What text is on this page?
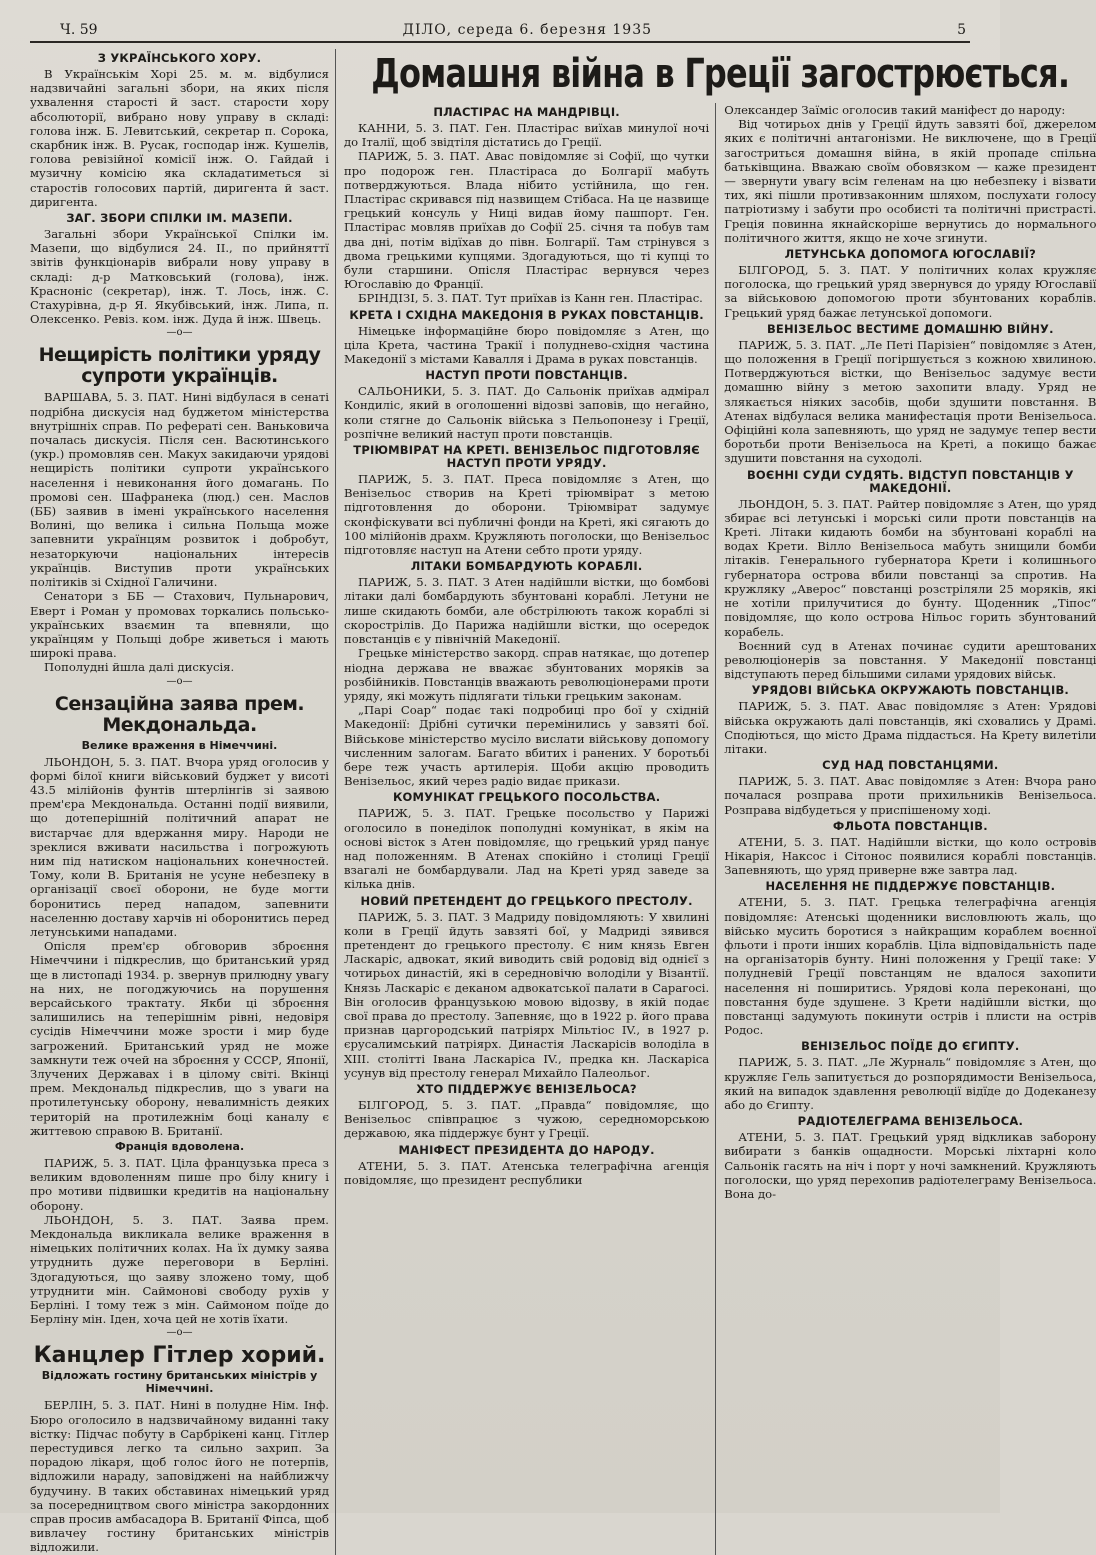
Ч. 59	ДІЛО, середа 6. березня 1935	5
З УКРАЇНСЬКОГО ХОРУ.

В Українськім Хорі 25. м. м. відбулися надзвичайні загальні збори, на яких після ухвалення старості й заст. старости хору абсолюторії, вибрано нову управу в складі: голова інж. Б. Левитський, секретар п. Сорока, скарбник інж. В. Русак, господар інж. Кушелів, голова ревізійної комісії інж. О. Гайдай і музичну комісію яка складатиметься зі старостів голосових партій, диригента й заст. диригента.

ЗАГ. ЗБОРИ СПІЛКИ ІМ. МАЗЕПИ.

Загальні збори Української Спілки ім. Мазепи, що відбулися 24. II., по прийняттї звітів функціонарів вибрали нову управу в складі: д-р Матковський (голова), інж. Красноніс (секретар), інж. Т. Лось, інж. С. Стахурівна, д-р Я. Якубівський, інж. Липа, п. Олексенко. Ревіз. ком. інж. Дуда й інж. Швець.

—о—
Нещирість політики уряду супроти українців.

ВАРШАВА, 5. 3. ПАТ. Нині відбулася в сенаті подрібна дискусія над буджетом міністерства внутрішніх справ. По рефераті сен. Ваньковича почалась дискусія. Після сен. Васютинського (укр.) промовляв сен. Макух закидаючи урядові нещирість політики супроти українського населення і невиконання його домагань. По промові сен. Шафранека (люд.) сен. Маслов (ББ) заявив в імені українського населення Волині, що велика і сильна Польща може запевнити українцям розвиток і добробут, незаторкуючи національних інтересів українців. Виступив проти українських політиків зі Східної Галичини.

Сенатори з ББ — Стахович, Пульнарович, Еверт і Роман у промовах торкались польсько-українських взаємин та впевняли, що українцям у Польщі добре живеться і мають широкі права.

Пополудні йшла далі дискусія.

—о—
Сензаційна заява прем. Мекдональда.
Велике враження в Німеччині.

ЛЬОНДОН, 5. 3. ПАТ. Вчора уряд оголосив у формі білої книги військовий буджет у висоті 43.5 мілійонів фунтів штерлінгів зі заявою прем'єра Мекдональда. Останні події виявили, що дотеперішній політичний апарат не вистарчає для вдержання миру. Народи не зреклися вживати насильства і погрожують ним під натиском національних конечностей. Тому, коли В. Британія не усуне небезпеку в організації своєї оборони, не буде могти боронитись перед нападом, запевнити населенню доставу харчів ні обоpонитись перед летунськими нападами.

Опісля прем'єр обговорив зброєння Німеччини і підкреслив, що британський уряд ще в листопаді 1934. р. звернув прилюдну увагу на них, не погоджуючись на порушення версайського трактату. Якби ці зброєння залишились на теперішнім рівні, недовіря сусідів Німеччини може зрости і мир буде загрожений. Британський уряд не може замкнути теж очей на зброєння у СССР, Японії, Злучених Державах і в цілому світі. Вкінці прем. Мекдональд підкреслив, що з уваги на протилетунську оборону, невалимність деяких територій на протилежнім боці каналу є життевою справою В. Британії.

Франція вдоволена.

ПАРИЖ, 5. 3. ПАТ. Ціла французька преса з великим вдоволенням пише про білу книгу і про мотиви підвишки кредитів на національну оборону.

ЛЬОНДОН, 5. 3. ПАТ. Заява прем. Мекдональда викликала велике враження в німецьких політичних колах. На їх думку заява утруднить дуже переговори в Берліні. Здогадуються, що заяву зложено тому, щоб утруднити мін. Саймонові свободу рухів у Берліні. І тому теж з мін. Саймоном поїде до Берліну мін. Іден, хоча цей не хотів їхати.

—о—
Канцлер Гітлер хорий.
Відложать гостину британських міністрів у Німеччині.

БЕРЛІН, 5. 3. ПАТ. Нині в полудне Нім. Інф. Бюро оголосило в надзвичайному виданні таку вістку: Підчас побуту в Сарбрікені канц. Гітлер перестудився легко та сильно захрип. За порадою лікаря, щоб голос його не потерпів, відложили нараду, заповіджені на найближчу будучину. В таких обставинах німецький уряд за посередництвом свого міністра закордонних справ просив амбасадора В. Британії Фіпса, щоб вивлачеу гостину британських міністрів відложили.

Домашня війна в Греції загострюється.
ПЛАСТІРАС НА МАНДРІВЦІ.

КАННИ, 5. 3. ПАТ. Ген. Пластірас виїхав минулої ночі до Італії, щоб звідтіля дістатись до Греції.

ПАРИЖ, 5. 3. ПАТ. Авас повідомляє зі Софії, що чутки про подорож ген. Пластіраса до Болгарії мабуть потверджуються. Влада нібито устійнила, що ген. Пластірас скривався під назвищем Стібаса. На це назвище грецький консуль у Ниці видав йому пашпорт. Ген. Пластірас мовляв приїхав до Софії 25. січня та побув там два дні, потім відїхав до півн. Болгарії. Там стрінувся з двома грецькими купцями. Здогадуються, що ті купці то були старшини. Опісля Пластірас вернувся через Югославію до Франції.

БРІНДІЗІ, 5. 3. ПАТ. Тут приїхав із Канн ген. Пластірас.

КРЕТА І СХІДНА МАКЕДОНІЯ В РУКАХ ПОВСТАНЦІВ.

Німецьке інформаційне бюро повідомляє з Атен, що ціла Крета, частина Тракії і полудневo-східня частина Македонії з містами Кавалля і Драма в руках повстанців.

НАСТУП ПРОТИ ПОВСТАНЦІВ.

САЛЬОНИКИ, 5. 3. ПАТ. До Сальонік приїхав адмірал Кондиліс, який в оголошенні відозві заповів, що негайно, коли стягне до Сальонік війська з Пельопонезу і Греції, розпічне великий наступ проти повстанців.

ТРІЮМВІРАТ НА КРЕТІ. ВЕНІЗЕЛЬОС ПІДГОТОВЛЯЄ НАСТУП ПРОТИ УРЯДУ.

ПАРИЖ, 5. 3. ПАТ. Преса повідомляє з Атен, що Венізельос створив на Креті тріюмвірат з метою підготовлення до оборони. Тріюмвірат задумує сконфіскувати всі публичні фонди на Креті, які сягають до 100 мілійонів драхм. Кружляють поголоски, що Венізельос підготовляє наступ на Атени себто проти уряду.

ЛІТАКИ БОМБАРДУЮТЬ КОРАБЛІ.

ПАРИЖ, 5. 3. ПАТ. З Атен надійшли вістки, що бомбові літаки далі бомбардують збунтовані кораблі. Летуни не лише скидають бомби, але обстрілюють також кораблі зі скорострілів. До Парижа надійшли вістки, що осередок повстанців є у північній Македонії.

Грецьке міністерство закорд. справ натякає, що дотепер ніодна держава не вважає збунтованих моряків за розбійників. Повстанців вважають революціонерами проти уряду, які можуть підлягати тільки грецьким законам.

„Парі Соар“ подає такі подробиці про бої у східній Македонії: Дрібні сутички перемінились у завзяті бої. Військове міністерство мусіло вислати військову допомогу численним залогам. Багато вбитих і ранених. У боротьбі бере теж участь артилерія. Щоби акцію проводить Венізельос, який через радіо видає прикази.

КОМУНІКАТ ГРЕЦЬКОГО ПОСОЛЬСТВА.

ПАРИЖ, 5. 3. ПАТ. Грецьке посольство у Парижі оголосило в понеділок пополудні комунікат, в якім на основі вісток з Атен повідомляє, що грецький уряд панує над положенням. В Атенах спокійно і столиці Греції взагалі не бомбардували. Лад на Креті уряд заведе за кілька днів.

НОВИЙ ПРЕТЕНДЕНТ ДО ГРЕЦЬКОГО ПРЕСТОЛУ.

ПАРИЖ, 5. 3. ПАТ. З Мадриду повідомляють: У хвилині коли в Греції йдуть завзяті бої, у Мадриді зявився претендент до грецького престолу. Є ним князь Евген Ласкаріс, адвокат, який виводить свій родовід від однієї з чотирьох династій, які в середновічю володіли у Візантії. Князь Ласкаріс є деканом адвокатської палати в Сарагосі. Він оголосив французькою мовою відозву, в якій подає свої права до престолу. Запевняє, що в 1922 р. його права признав царгородський патріярх Мільтіос IV., в 1927 р. єрусалимський патріярх. Династія Ласкарісів володіла в XIII. столітті Івана Ласкаріса IV., предка кн. Ласкаріса усунув від престолу генерал Михайло Палеольог.

ХТО ПІДДЕРЖУЄ ВЕНІЗЕЛЬОСА?

БІЛГОРОД, 5. 3. ПАТ. „Правда“ повідомляє, що Венізельос співпрацює з чужою, середноморською державою, яка піддержує бунт у Греції.

МАНІФЕСТ ПРЕЗИДЕНТА ДО НАРОДУ.

АТЕНИ, 5. 3. ПАТ. Атенська телеграфічна агенція повідомляє, що президент республики

Олександер Заїміс оголосив такий маніфест до народу:

Від чотирьох днів у Греції йдуть завзяті бої, джерелом яких є політичні антагонізми. Не виключене, що в Греції загостриться домашня війна, в якій пропаде спільна батьківщина. Вважаю своїм обовязком — каже президент — звернути увагу всім геленам на цю небезпеку і візвати тих, які пішли противзаконним шляхом, послухати голосу патріотизму і забути про особисті та політичні пристрасті. Греція повинна якнайскоріше вернутись до нормального політичного життя, якщо не хоче згинути.

ЛЕТУНСЬКА ДОПОМОГА ЮГОСЛАВІЇ?

БІЛГОРОД, 5. 3. ПАТ. У політичних колах кружляє поголоска, що грецький уряд звернувся до уряду Югославії за військовою допомогою проти збунтованих кораблів. Грецький уряд бажає летунської допомоги.

ВЕНІЗЕЛЬОС ВЕСТИМЕ ДОМАШНЮ ВІЙНУ.

ПАРИЖ, 5. 3. ПАТ. „Ле Петі Парізіен“ повідомляє з Атен, що положення в Греції погіршується з кожною хвилиною. Потверджуються вістки, що Венізельос задумує вести домашню війну з метою захопити владу. Уряд не злякається ніяких засобів, щоби здушити повстання. В Атенах відбулася велика манифестація проти Венізельоса. Офіційні кола запевняють, що уряд не задумує тепер вести боротьби проти Венізельоса на Креті, а покищо бажає здушити повстання на суходолі.

ВОЄННІ СУДИ СУДЯТЬ. ВІДСТУП ПОВСТАНЦІВ У МАКЕДОНІЇ.

ЛЬОНДОН, 5. 3. ПАТ. Райтер повідомляє з Атен, що уряд збирає всі летунські і морські сили проти повстанців на Креті. Літаки кидають бомби на збунтовані кораблі на водах Крети. Вілло Венізельоса мабуть знищили бомби літаків. Генерального губернатора Крети і колишнього губернатора острова вбили повстанці за спротив. На кружляку „Аверос“ повстанці розстріляли 25 моряків, які не хотіли прилучитися до бунту. Щоденник „Тіпос“ повідомляє, що коло острова Нільос горить збунтований корабель.

Воєнний суд в Атенах починає судити арештованих революціонерів за повстання. У Македонії повстанці відступають перед більшими силами урядових військ.

УРЯДОВІ ВІЙСЬКА ОКРУЖАЮТЬ ПОВСТАНЦІВ.

ПАРИЖ, 5. 3. ПАТ. Авас повідомляє з Атен: Урядові війська окружають далі повстанців, які сховались у Драмі. Сподіються, що місто Драма піддасться. На Крету вилетіли літаки.

СУД НАД ПОВСТАНЦЯМИ.

ПАРИЖ, 5. 3. ПАТ. Авас повідомляє з Атен: Вчора рано почалася розправа проти прихильників Венізельоса. Розправа відбудеться у приспішеному ході.

ФЛЬОТА ПОВСТАНЦІВ.

АТЕНИ, 5. 3. ПАТ. Надійшли вістки, що коло островів Нікарія, Наксос і Сітонос появилися кораблі повстанців. Запевняють, що уряд приверне вже завтра лад.

НАСЕЛЕННЯ НЕ ПІДДЕРЖУЄ ПОВСТАНЦІВ.

АТЕНИ, 5. 3. ПАТ. Грецька телеграфічна агенція повідомляє: Атенські щоденники висловлюють жаль, що військо мусить боротися з найкращим кораблем воєнної фльоти і проти інших кораблів. Ціла відповідальність паде на організаторів бунту. Нині положення у Греції таке: У полудневій Греції повстанцям не вдалося захопити населення ні поширитись. Урядові кола переконані, що повстання буде здушене. З Крети надійшли вістки, що повстанці задумують покинути острів і плисти на острів Родос.

ВЕНІЗЕЛЬОС ПОЇДЕ ДО ЄГИПТУ.

ПАРИЖ, 5. 3. ПАТ. „Ле Журналь“ повідомляє з Атен, що кружляє Гель запитується до розпорядимости Венізельоса, який на випадок здавлення революції відїде до Додеканезу або до Єгипту.

РАДІОТЕЛЕГРАМА ВЕНІЗЕЛЬОСА.

АТЕНИ, 5. 3. ПАТ. Грецький уряд відкликав заборону вибирати з банків ощадности. Морські ліхтарні коло Сальонік гасять на ніч і порт у ночі замкнений. Кружляють поголоски, що уряд перехопив радіотелеграму Венізельоса. Вона до-
